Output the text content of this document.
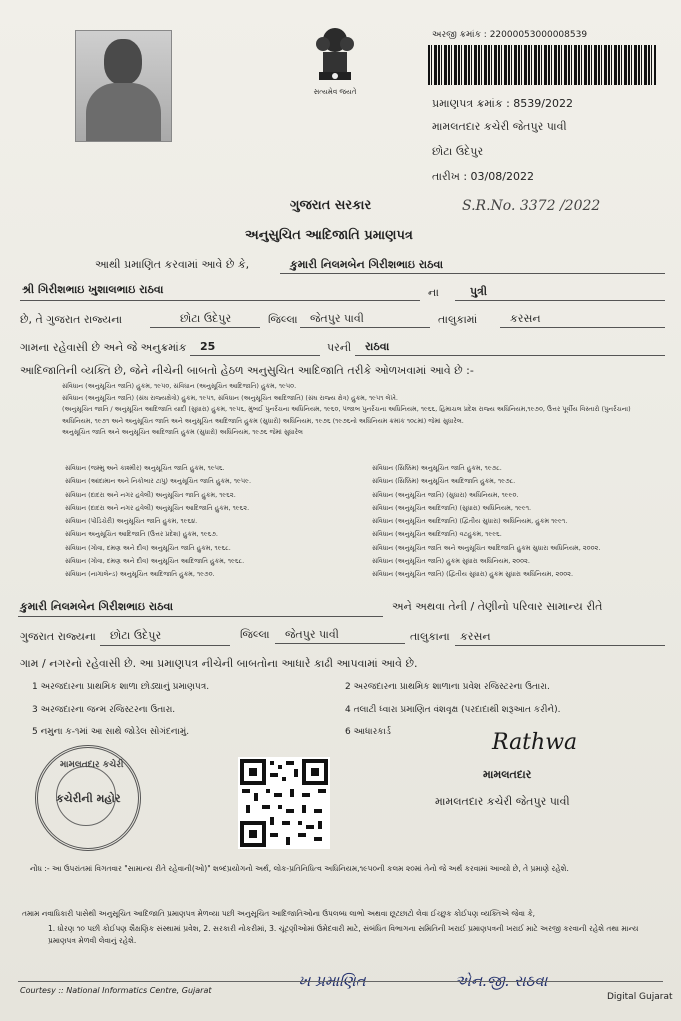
સત્યમેવ જયતે
અરજી ક્રમાંક : 22000053000008539
પ્રમાણપત્ર ક્રમાંક : 8539/2022
મામલતદાર કચેરી જેતપુર પાવી
છોટા ઉદેપુર
તારીખ : 03/08/2022
ગુજરાત સરકાર	S.R.No. 3372 /2022
અનુસુચિત આદિજાતિ પ્રમાણપત્ર
આથી પ્રમાણિત કરવામાં આવે છે કે,	કુમારી નિલમબેન ગિરીશભાઇ રાઠવા
શ્રી ગિરીશભાઇ ખુશાલભાઇ રાઠવા	ના	પુત્રી
છે, તે ગુજરાત રાજ્યના	છોટા ઉદેપુર	જિલ્લા જેતપુર પાવી	તાલુકામાં	કરસન
ગામના રહેવાસી છે અને જે અનુક્રમાંક 25	પરની રાઠવા
આદિજાતિની વ્યક્તિ છે, જેને નીચેની બાબતો હેઠળ અનુસુચિત આદિજાતિ તરીકે ઓળખવામાં આવે છે :-
સંવિધાન (અનુસૂચિત જાતિ) હુકમ, ૧૯૫૦, સંવિધાન (અનુસૂચિત આદિજાતિ) હુકમ, ૧૯૫૦.
સંવિધાન (અનુસૂચિત જાતિ) (સંઘ રાજ્યક્ષેત્રો) હુકમ, ૧૯૫૧, સંવિધાન (અનુસૂચિત આદિજાતિ) (સંઘ રાજ્ય ક્ષેત્ર) હુકમ, ૧૯૫૧ લેખે.
(અનુસૂચિત જાતિ / અનુસૂચિત આદિજાતિ યાદી (સુધારા) હુકમ, ૧૯૫૬, મુંબઈ પુનર્રચના અધિનિયમ, ૧૯૬૦, પંજાબ પુનર્રચના અધિનિયમ, ૧૯૬૬, હિમાચલ પ્રદેશ રાજ્ય અધિનિયમ,૧૯૭૦, ઉત્તર પૂર્વીય વિસ્તારો (પુનર્રચના)
અધિનિયમ, ૧૯૭૧ અને અનુસૂચિત જાતિ અને અનુસૂચિત આદિજાતિ હુકમ (સુધારો) અધિનિયમ, ૧૯૭૬ (૧૯૭૬નો અધિનિયમ ક્રમાંક ૧૦૮માં) જેમાં સુધારેલ.
અનુસૂચિત જાતિ અને અનુસૂચિત આદિજાતિ હુકમ (સુધારો) અધિનિયમ, ૧૯૭૬ જેમાં સુધારેલ
સંવિધાન (જમ્મુ અને કાશ્મીર) અનુસૂચિત જાતિ હુકમ, ૧૯૫૬.
સંવિધાન (આંદામાન અને નિકોબાર ટાપુ) અનુસૂચિત જાતિ હુકમ, ૧૯૫૯.
સંવિધાન (દાદરા અને નગર હવેલી) અનુસૂચિત જાતિ હુકમ, ૧૯૬૨.
સંવિધાન (દાદરા અને નગર હવેલી) અનુસૂચિત આદિજાતિ હુકમ, ૧૯૬૨.
સંવિધાન (પોંડિચેરી) અનુસૂચિત જાતિ હુકમ, ૧૯૬૪.
સંવિધાન અનુસૂચિત આદિજાતિ (ઉત્તર પ્રદેશ) હુકમ, ૧૯૬૭.
સંવિધાન (ગોવા, દમણ અને દીવ) અનુસૂચિત જાતિ હુકમ, ૧૯૬૮.
સંવિધાન (ગોવા, દમણ અને દીવ) અનુસૂચિત આદિજાતિ હુકમ, ૧૯૬૮.
સંવિધાન (નાગાલેન્ડ) અનુસૂચિત આદિજાતિ હુકમ, ૧૯૭૦.
સંવિધાન (સિક્કિમ) અનુસૂચિત જાતિ હુકમ, ૧૯૭૮.
સંવિધાન (સિક્કિમ) અનુસૂચિત આદિજાતિ હુકમ, ૧૯૭૮.
સંવિધાન (અનુસૂચિત જાતિ) (સુધારા) અધિનિયમ, ૧૯૯૦.
સંવિધાન (અનુસૂચિત આદિજાતિ) (સુધારા) અધિનિયમ, ૧૯૯૧.
સંવિધાન (અનુસૂચિત આદિજાતિ) (દ્વિતીય સુધારા) અધિનિયમ, હુકમ ૧૯૯૧.
સંવિધાન (અનુસૂચિત આદિજાતિ) વટહુકમ, ૧૯૯૬.
સંવિધાન (અનુસૂચિત જાતિ અને અનુસૂચિત આદિજાતિ હુકમ સુધારા અધિનિયમ, ૨૦૦૨.
સંવિધાન (અનુસૂચિત જાતિ) હુકમ સુધારા અધિનિયમ, ૨૦૦૨.
સંવિધાન (અનુસૂચિત જાતિ) (દ્વિતીય સુધારા) હુકમ સુધારા અધિનિયમ, ૨૦૦૨.
કુમારી નિલમબેન ગિરીશભાઇ રાઠવા	અને અથવા તેની / તેણીનો પરિવાર સામાન્ય રીતે
ગુજરાત રાજ્યના છોટા ઉદેપુર	જિલ્લા જેતપુર પાવી	તાલુકાના કરસન
ગામ / નગરનો રહેવાસી છે. આ પ્રમાણપત્ર નીચેની બાબતોના આધારે કાઢી આપવામાં આવે છે.
1 અરજદારના પ્રાથમિક શાળા છોડ્યાનું પ્રમાણપત્ર.	2 અરજદારના પ્રાથમિક શાળાના પ્રવેશ રજિસ્ટરના ઉતારા.
3 અરજદારના જન્મ રજિસ્ટરના ઉતારા.	4 તલાટી ધ્વારા પ્રમાણિત વંશવૃક્ષ (પરદાદાથી શરૂઆત કરીને).
5 નમુના ક-૧માં આ સાથે જોડેલ સોગંદનામું.	6 આધારકાર્ડ
મામલતદાર કચેરી
કચેરીની મહોર
Rathwa
મામલતદાર
મામલતદાર કચેરી જેતપુર પાવી
નોંધ :- આ ઉપરાંતમાં વિગતવાર "સામાન્ય રીતે રહેવાની(ઓ)" શબ્દપ્રયોગનો અર્થ, લોક-પ્રતિનિધિત્વ અધિનિયમ,૧૯૫૦ની કલમ ૨૦માં તેનો જે અર્થ કરવામાં આવ્યો છે, તે પ્રમાણે રહેશે.
તમામ નવાધિકારી પાસેથી અનુસૂચિત આદિજાતિ પ્રમાણપત્ર મેળવ્યા પછી અનુસૂચિત આદિજાતિઓના ઉપલબ્ધ લાભો અથવા છૂટછાટો લેવા ઈચ્છુક કોઈપણ વ્યક્તિએ જેવા કે,
1. ધોરણ ૧૦ પછી કોઈપણ શૈક્ષણિક સંસ્થામાં પ્રવેશ, 2. સરકારી નોકરીમાં, 3. ચૂંટણીઓમાં ઉમેદવારી માટે, સંબંધિત વિભાગના સમિતિની ખરાઈ પ્રમાણપત્રની ખરાઈ માટે અરજી કરવાની રહેશે તથા માન્ય પ્રમાણપત્ર મેળવી લેવાનું રહેશે.
ખ પ્રમાણિત	એન.જી. રાઠવા
Courtesy :: National Informatics Centre, Gujarat
Digital Gujarat
